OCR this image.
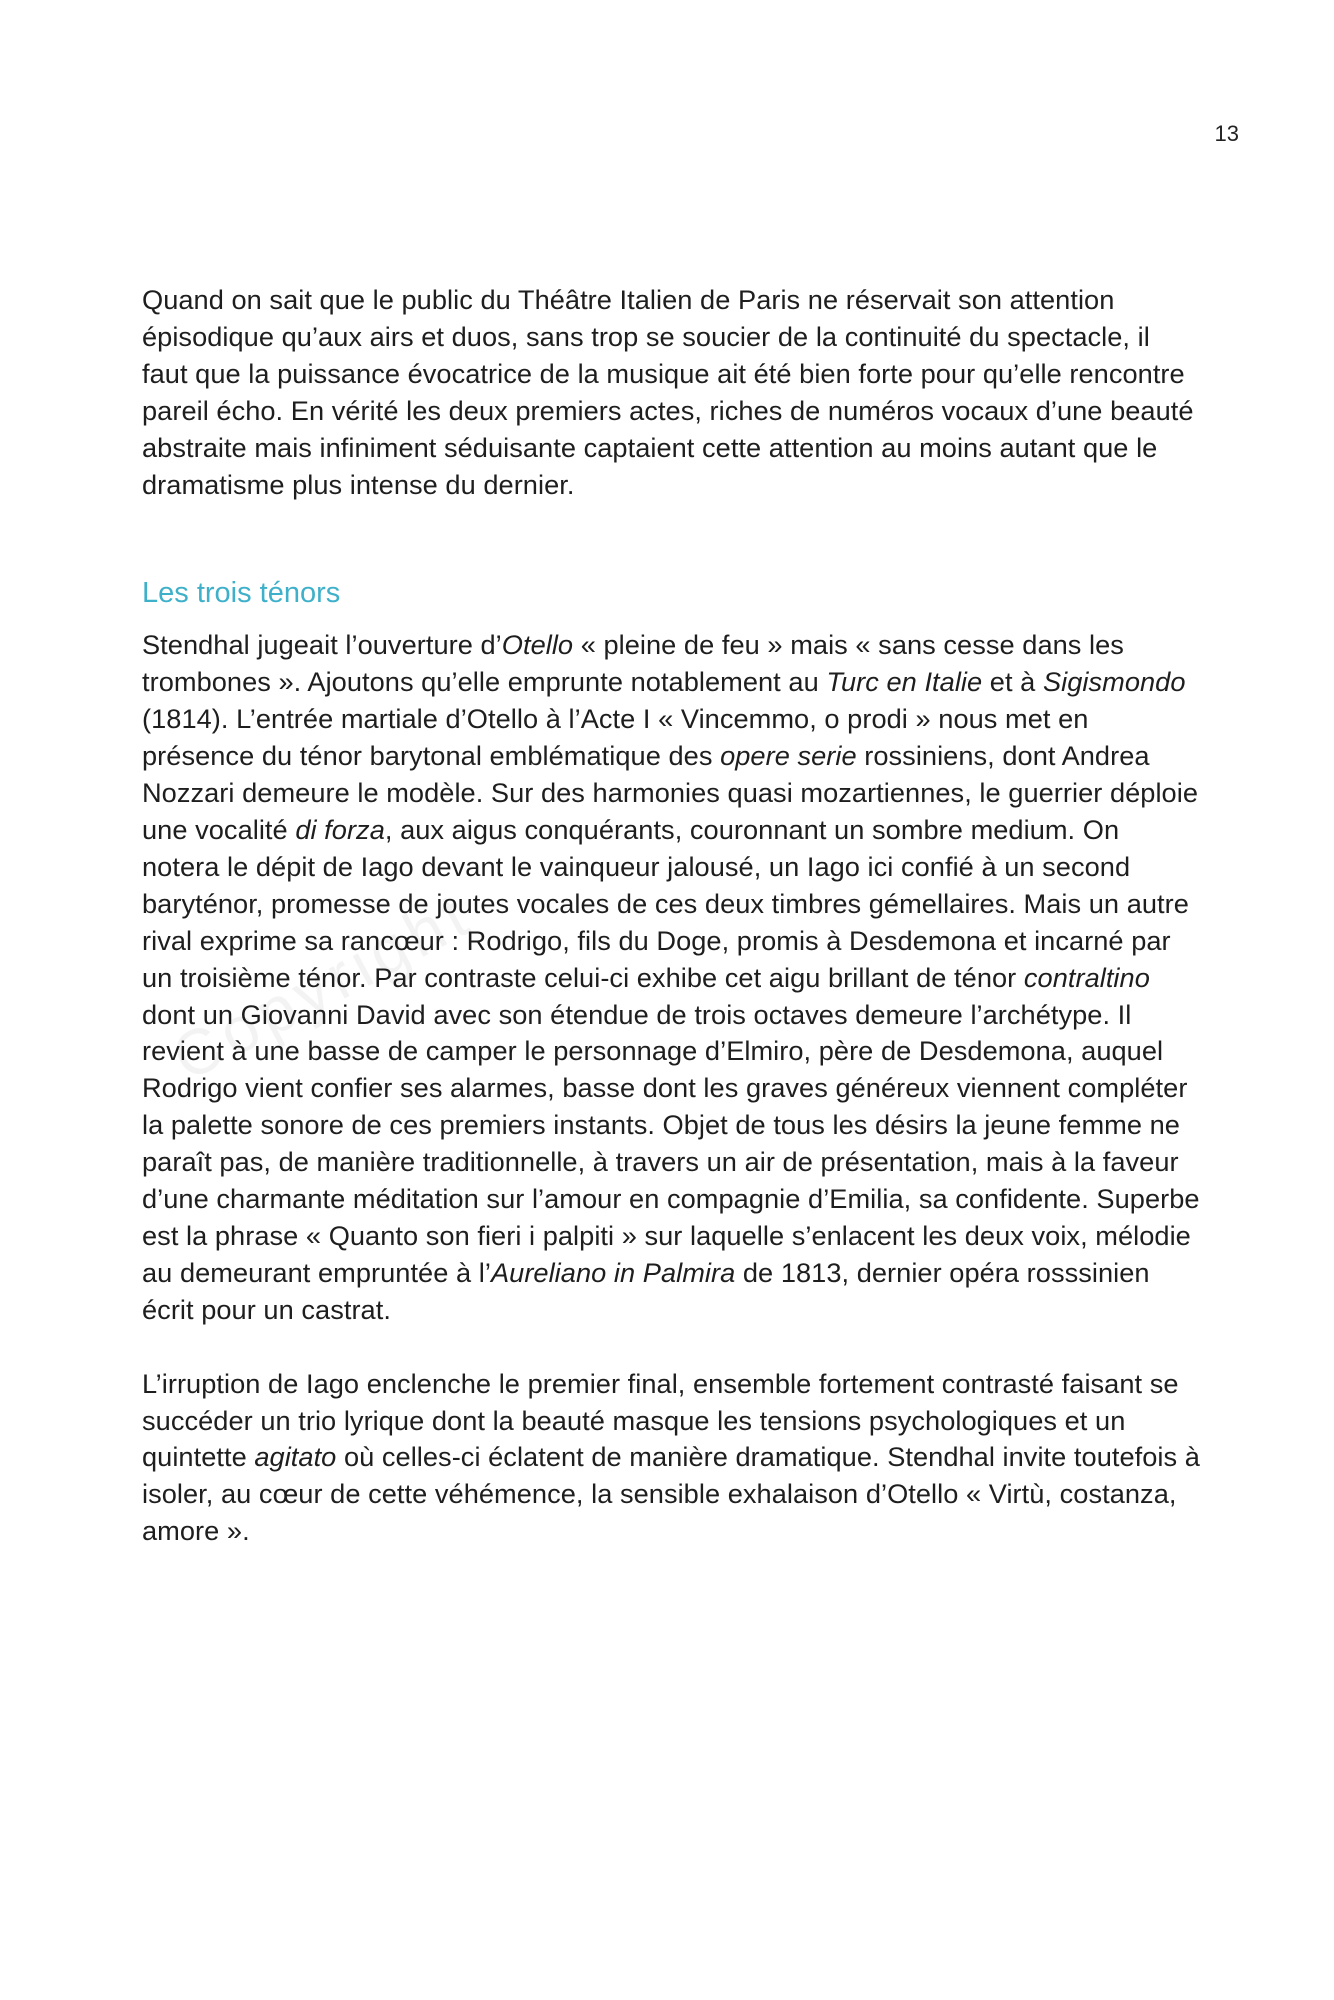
13

Quand on sait que le public du Théâtre Italien de Paris ne réservait son attention épisodique qu’aux airs et duos, sans trop se soucier de la continuité du spectacle, il faut que la puissance évocatrice de la musique ait été bien forte pour qu’elle rencontre pareil écho. En vérité les deux premiers actes, riches de numéros vocaux d’une beauté abstraite mais infiniment séduisante captaient cette attention au moins autant que le dramatisme plus intense du dernier.

Les trois ténors

Stendhal jugeait l’ouverture d’Otello « pleine de feu » mais « sans cesse dans les trombones ». Ajoutons qu’elle emprunte notablement au Turc en Italie et à Sigismondo (1814). L’entrée martiale d’Otello à l’Acte I « Vincemmo, o prodi » nous met en présence du ténor barytonal emblématique des opere serie rossiniens, dont Andrea Nozzari demeure le modèle. Sur des harmonies quasi mozartiennes, le guerrier déploie une vocalité di forza, aux aigus conquérants, couronnant un sombre medium. On notera le dépit de Iago devant le vainqueur jalousé, un Iago ici confié à un second baryténor, promesse de joutes vocales de ces deux timbres gémellaires. Mais un autre rival exprime sa rancœur : Rodrigo, fils du Doge, promis à Desdemona et incarné par un troisième ténor. Par contraste celui-ci exhibe cet aigu brillant de ténor contraltino dont un Giovanni David avec son étendue de trois octaves demeure l’archétype. Il revient à une basse de camper le personnage d’Elmiro, père de Desdemona, auquel Rodrigo vient confier ses alarmes, basse dont les graves généreux viennent compléter la palette sonore de ces premiers instants. Objet de tous les désirs la jeune femme ne paraît pas, de manière traditionnelle, à travers un air de présentation, mais à la faveur d’une charmante méditation sur l’amour en compagnie d’Emilia, sa confidente. Superbe est la phrase « Quanto son fieri i palpiti » sur laquelle s’enlacent les deux voix, mélodie au demeurant empruntée à l’Aureliano in Palmira de 1813, dernier opéra rosssinien écrit pour un castrat.

L’irruption de Iago enclenche le premier final, ensemble fortement contrasté faisant se succéder un trio lyrique dont la beauté masque les tensions psychologiques et un quintette agitato où celles-ci éclatent de manière dramatique. Stendhal invite toutefois à isoler, au cœur de cette véhémence, la sensible exhalaison d’Otello « Virtù, costanza, amore ».
